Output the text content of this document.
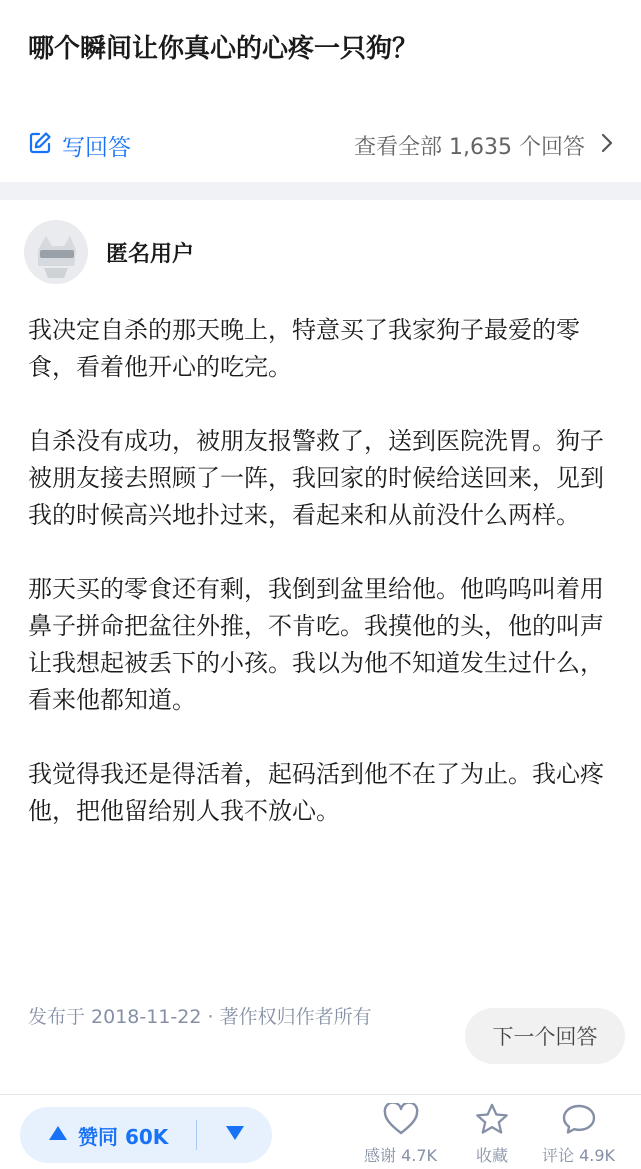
哪个瞬间让你真心的心疼一只狗？
写回答	查看全部 1,635 个回答
匿名用户

我决定自杀的那天晚上，特意买了我家狗子最爱的零食，看着他开心的吃完。

自杀没有成功，被朋友报警救了，送到医院洗胃。狗子被朋友接去照顾了一阵，我回家的时候给送回来，见到我的时候高兴地扑过来，看起来和从前没什么两样。

那天买的零食还有剩，我倒到盆里给他。他呜呜叫着用鼻子拼命把盆往外推，不肯吃。我摸他的头，他的叫声让我想起被丢下的小孩。我以为他不知道发生过什么，看来他都知道。

我觉得我还是得活着，起码活到他不在了为止。我心疼他，把他留给别人我不放心。

发布于 2018-11-22 · 著作权归作者所有
下一个回答
赞同 60K
感谢 4.7K 收藏 评论 4.9K
